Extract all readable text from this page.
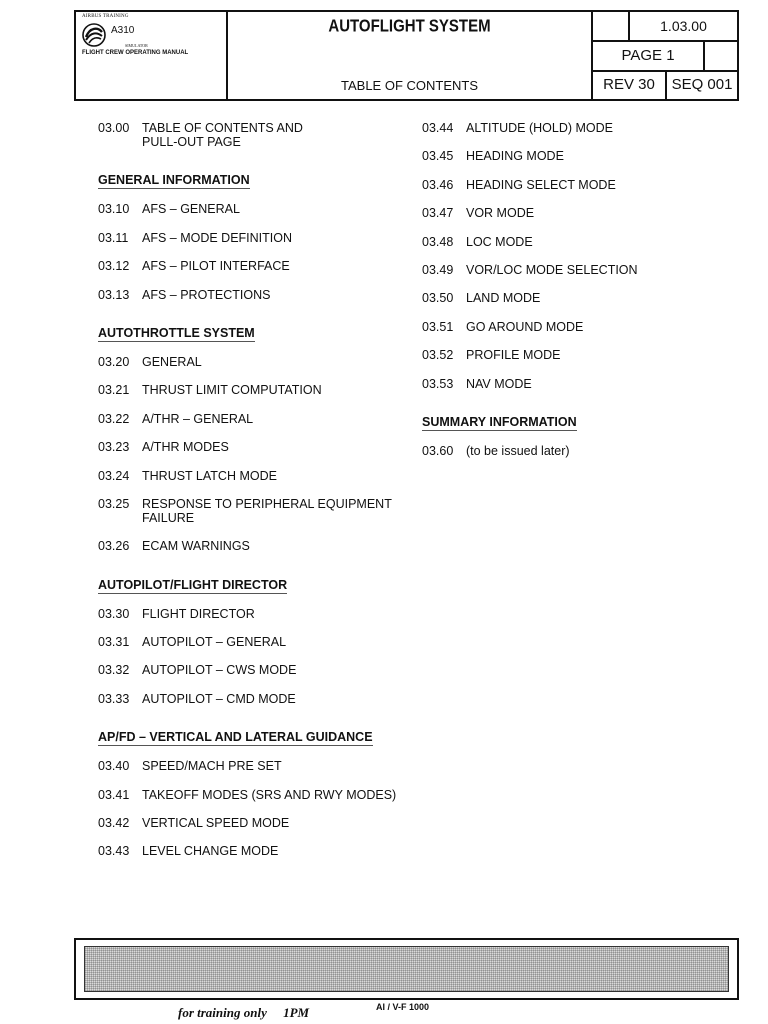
AIRBUS TRAINING
A310
SIMULATOR
FLIGHT CREW OPERATING MANUAL
AUTOFLIGHT SYSTEM
TABLE OF CONTENTS
1.03.00
PAGE 1
REV 30	SEQ 001
03.00	TABLE OF CONTENTS AND
PULL-OUT PAGE
GENERAL INFORMATION
03.10	AFS – GENERAL
03.11	AFS – MODE DEFINITION
03.12	AFS – PILOT INTERFACE
03.13	AFS – PROTECTIONS
AUTOTHROTTLE SYSTEM
03.20	GENERAL
03.21	THRUST LIMIT COMPUTATION
03.22	A/THR – GENERAL
03.23	A/THR MODES
03.24	THRUST LATCH MODE
03.25	RESPONSE TO PERIPHERAL EQUIPMENT
FAILURE
03.26	ECAM WARNINGS
AUTOPILOT/FLIGHT DIRECTOR
03.30	FLIGHT DIRECTOR
03.31	AUTOPILOT – GENERAL
03.32	AUTOPILOT – CWS MODE
03.33	AUTOPILOT – CMD MODE
AP/FD – VERTICAL AND LATERAL GUIDANCE
03.40	SPEED/MACH PRE SET
03.41	TAKEOFF MODES (SRS AND RWY MODES)
03.42	VERTICAL SPEED MODE
03.43	LEVEL CHANGE MODE
03.44	ALTITUDE (HOLD) MODE
03.45	HEADING MODE
03.46	HEADING SELECT MODE
03.47	VOR MODE
03.48	LOC MODE
03.49	VOR/LOC MODE SELECTION
03.50	LAND MODE
03.51	GO AROUND MODE
03.52	PROFILE MODE
03.53	NAV MODE
SUMMARY INFORMATION
03.60	(to be issued later)
for training only     1PM	AI / V-F 1000
